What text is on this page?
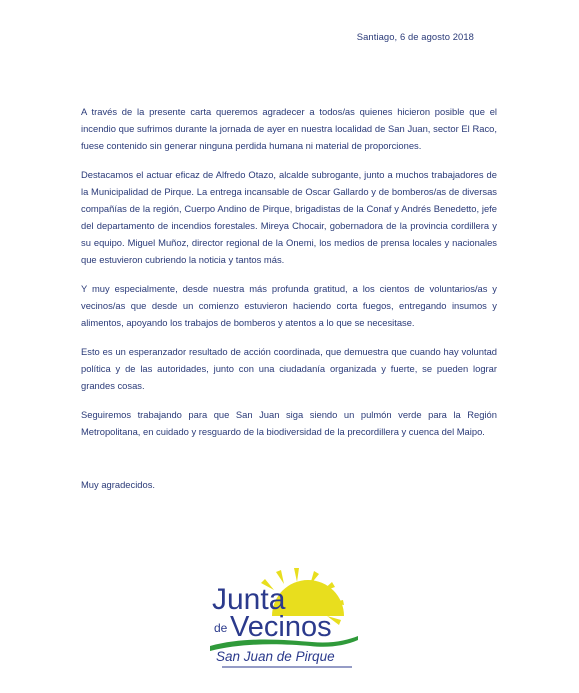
Santiago, 6 de agosto 2018

A través de la presente carta queremos agradecer a todos/as quienes hicieron posible que el incendio que sufrimos durante la jornada de ayer en nuestra localidad de San Juan, sector El Raco, fuese contenido sin generar ninguna perdida humana ni material de proporciones.

Destacamos el actuar eficaz de Alfredo Otazo, alcalde subrogante, junto a muchos trabajadores de la Municipalidad de Pirque. La entrega incansable de Oscar Gallardo y de bomberos/as de diversas compañías de la región, Cuerpo Andino de Pirque, brigadistas de la Conaf y Andrés Benedetto, jefe del departamento de incendios forestales. Mireya Chocair, gobernadora de la provincia cordillera y su equipo. Miguel Muñoz, director regional de la Onemi, los medios de prensa locales y nacionales que estuvieron cubriendo la noticia y tantos más.

Y muy especialmente, desde nuestra más profunda gratitud, a los cientos de voluntarios/as y vecinos/as que desde un comienzo estuvieron haciendo corta fuegos, entregando insumos y alimentos, apoyando los trabajos de bomberos y atentos a lo que se necesitase.

Esto es un esperanzador resultado de acción coordinada, que demuestra que cuando hay voluntad política y de las autoridades, junto con una ciudadanía organizada y fuerte, se pueden lograr grandes cosas.

Seguiremos trabajando para que San Juan siga siendo un pulmón verde para la Región Metropolitana, en cuidado y resguardo de la biodiversidad de la precordillera y cuenca del Maipo.

Muy agradecidos.
Junta
de Vecinos
San Juan de Pirque
